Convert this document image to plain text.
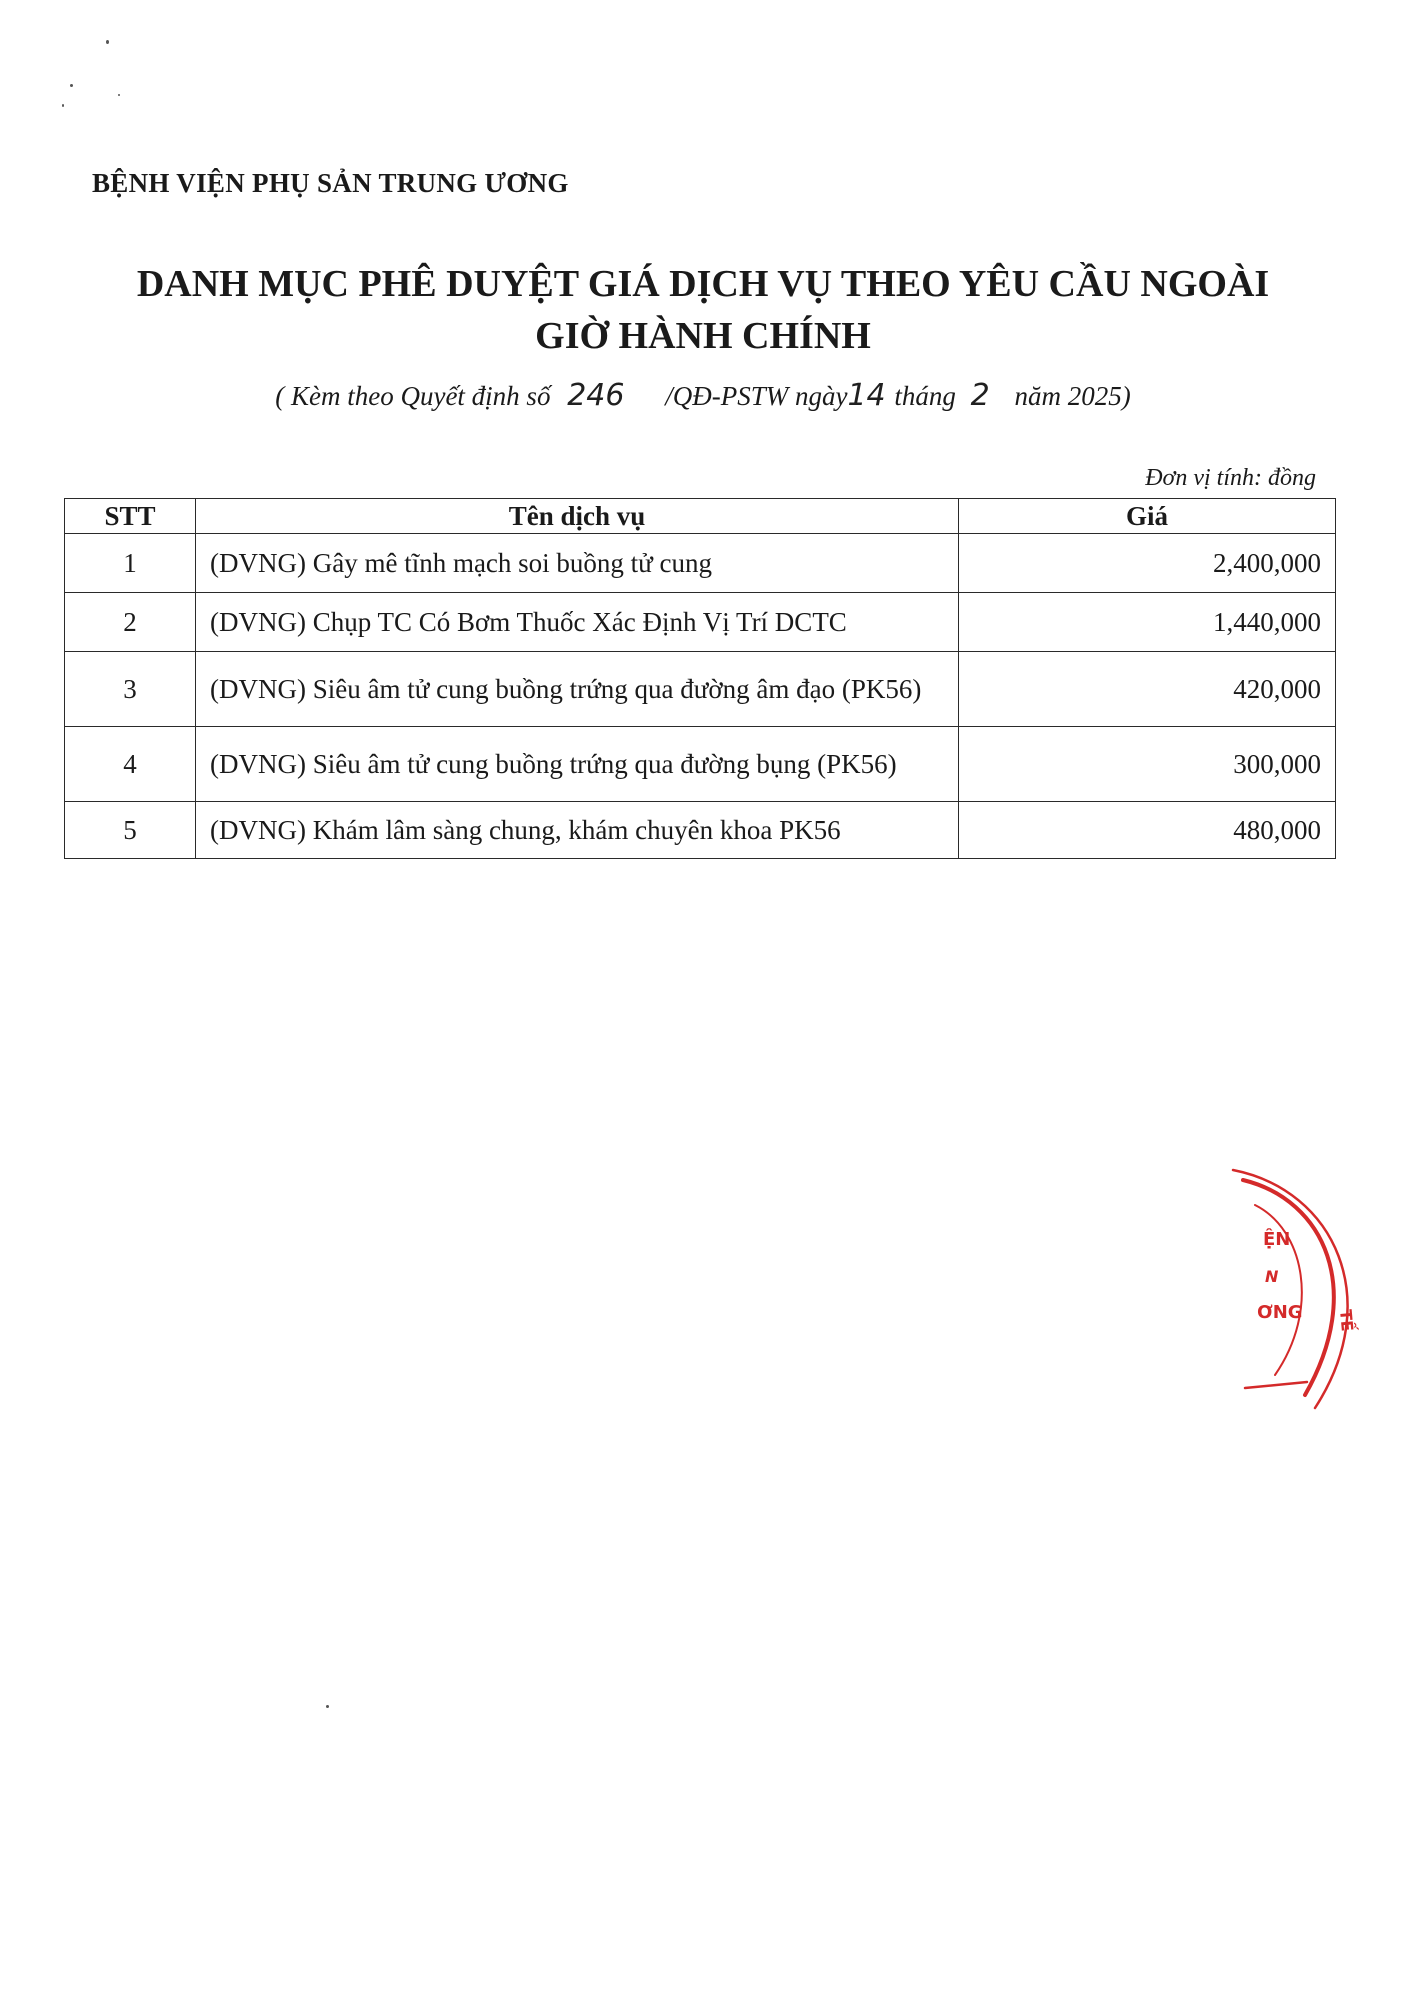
BỆNH VIỆN PHỤ SẢN TRUNG ƯƠNG
DANH MỤC PHÊ DUYỆT GIÁ DỊCH VỤ THEO YÊU CẦU NGOÀI
GIỜ HÀNH CHÍNH
( Kèm theo Quyết định số 246 /QĐ-PSTW ngày14 tháng 2 năm 2025)
Đơn vị tính: đồng
STT	Tên dịch vụ	Giá
1	(DVNG) Gây mê tĩnh mạch soi buồng tử cung	2,400,000
2	(DVNG) Chụp TC Có Bơm Thuốc Xác Định Vị Trí DCTC	1,440,000
3	(DVNG) Siêu âm tử cung buồng trứng qua đường âm đạo (PK56)	420,000
4	(DVNG) Siêu âm tử cung buồng trứng qua đường bụng (PK56)	300,000
5	(DVNG) Khám lâm sàng chung, khám chuyên khoa PK56	480,000
ỆN
N
ƠNG TẾ
